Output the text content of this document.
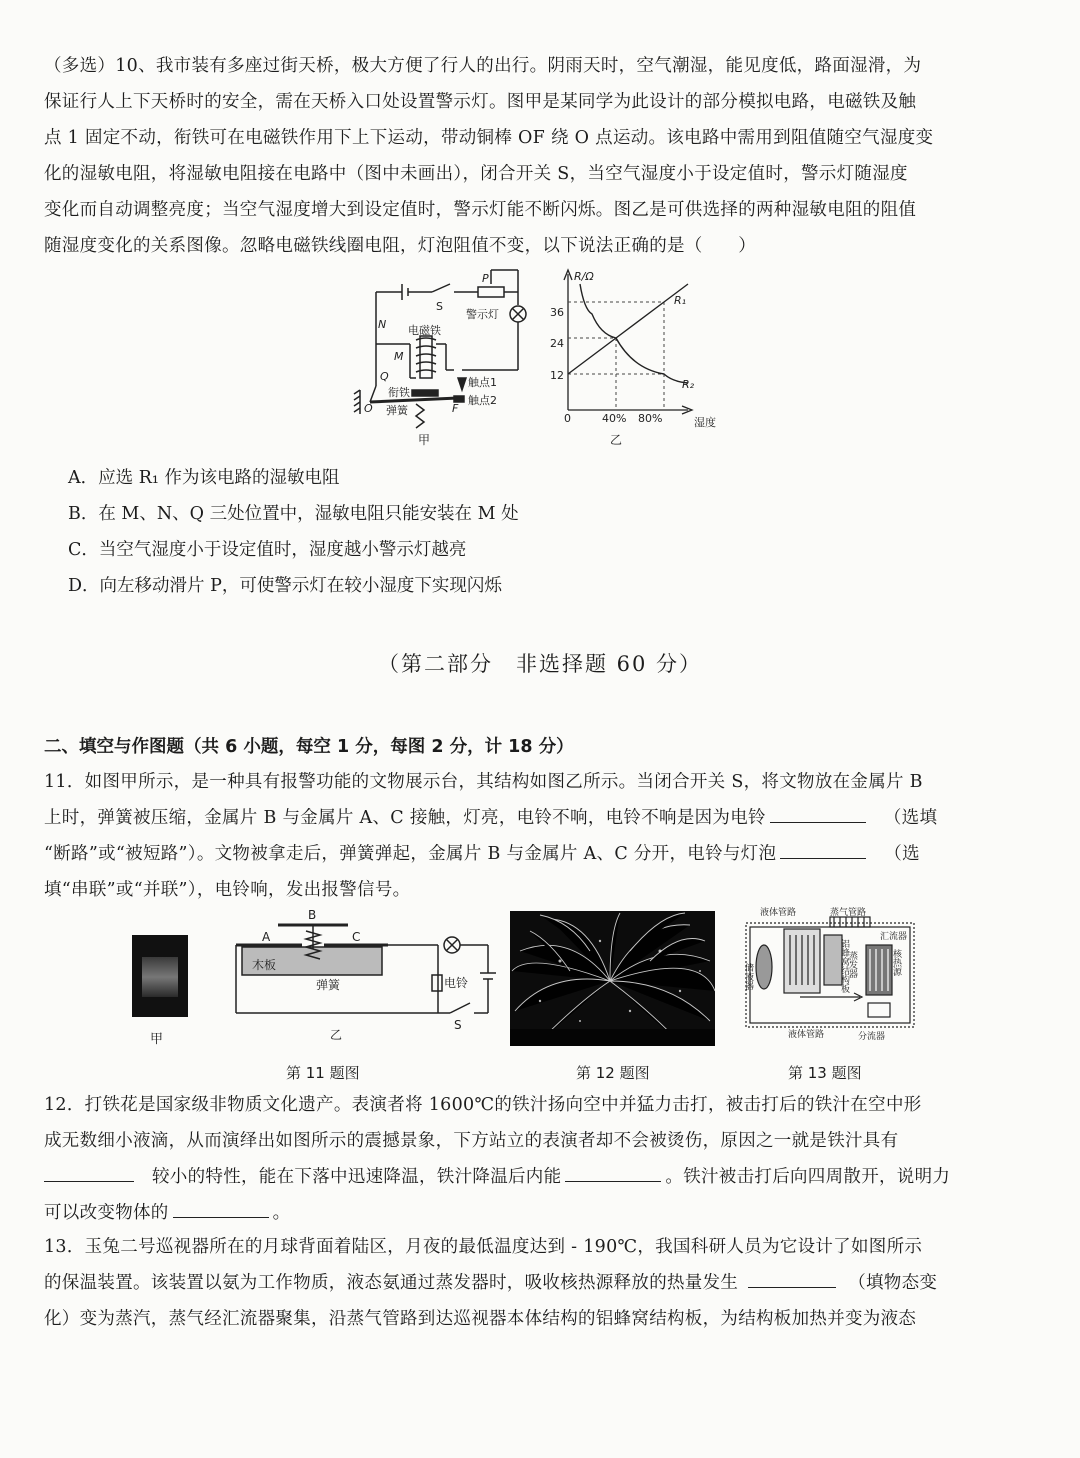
（多选）10、我市装有多座过街天桥，极大方便了行人的出行。阴雨天时，空气潮湿，能见度低，路面湿滑，为
保证行人上下天桥时的安全，需在天桥入口处设置警示灯。图甲是某同学为此设计的部分模拟电路，电磁铁及触
点 1 固定不动，衔铁可在电磁铁作用下上下运动，带动铜棒 OF 绕 O 点运动。该电路中需用到阻值随空气湿度变
化的湿敏电阻，将湿敏电阻接在电路中（图中未画出），闭合开关 S，当空气湿度小于设定值时，警示灯随湿度
变化而自动调整亮度；当空气湿度增大到设定值时，警示灯能不断闪烁。图乙是可供选择的两种湿敏电阻的阻值
随湿度变化的关系图像。忽略电磁铁线圈电阻，灯泡阻值不变，以下说法正确的是（　　）
P
S
警示灯
N 电磁铁
M
Q
衔铁
触点1
触点2
弹簧
O	F
甲
R/Ω
湿度
0	40% 80%
12
24
36
R₁
R₂
乙
A．应选 R₁ 作为该电路的湿敏电阻
B．在 M、N、Q 三处位置中，湿敏电阻只能安装在 M 处
C．当空气湿度小于设定值时，湿度越小警示灯越亮
D．向左移动滑片 P，可使警示灯在较小湿度下实现闪烁
（第二部分　非选择题 60 分）
二、填空与作图题（共 6 小题，每空 1 分，每图 2 分，计 18 分）
11．如图甲所示，是一种具有报警功能的文物展示台，其结构如图乙所示。当闭合开关 S，将文物放在金属片 B
上时，弹簧被压缩，金属片 B 与金属片 A、C 接触，灯亮，电铃不响，电铃不响是因为电铃	（选填
“断路”或“被短路”）。文物被拿走后，弹簧弹起，金属片 B 与金属片 A、C 分开，电铃与灯泡	（选
填“串联”或“并联”），电铃响，发出报警信号。
甲
A
B
C
木板
弹簧	电铃
S
乙
液体管路	蒸气管路
储液器	铝蜂窝结构板
蒸发器
汇流器
核热源
液体管路	分流器
第 11 题图	第 12 题图	第 13 题图
12．打铁花是国家级非物质文化遗产。表演者将 1600℃的铁汁扬向空中并猛力击打，被击打后的铁汁在空中形
成无数细小液滴，从而演绎出如图所示的震撼景象，下方站立的表演者却不会被烫伤，原因之一就是铁汁具有
较小的特性，能在下落中迅速降温，铁汁降温后内能	。铁汁被击打后向四周散开，说明力
可以改变物体的	。
13．玉兔二号巡视器所在的月球背面着陆区，月夜的最低温度达到 - 190℃，我国科研人员为它设计了如图所示
的保温装置。该装置以氨为工作物质，液态氨通过蒸发器时，吸收核热源释放的热量发生	（填物态变
化）变为蒸汽，蒸气经汇流器聚集，沿蒸气管路到达巡视器本体结构的铝蜂窝结构板，为结构板加热并变为液态
